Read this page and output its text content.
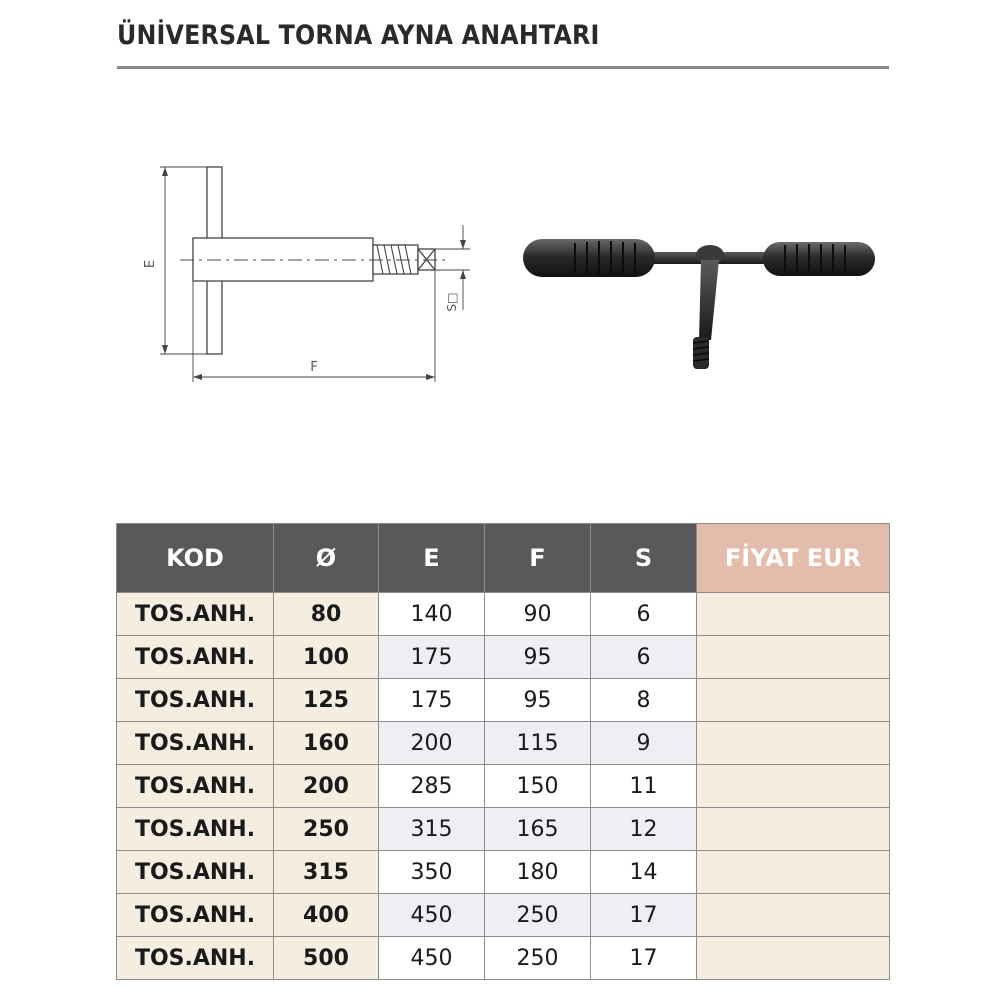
ÜNİVERSAL TORNA AYNA ANAHTARI
E
F
S□
KOD	Ø	E	F	S	FİYAT EUR
TOS.ANH.	80	140	90	6	
TOS.ANH.	100	175	95	6	
TOS.ANH.	125	175	95	8	
TOS.ANH.	160	200	115	9	
TOS.ANH.	200	285	150	11	
TOS.ANH.	250	315	165	12	
TOS.ANH.	315	350	180	14	
TOS.ANH.	400	450	250	17	
TOS.ANH.	500	450	250	17	
